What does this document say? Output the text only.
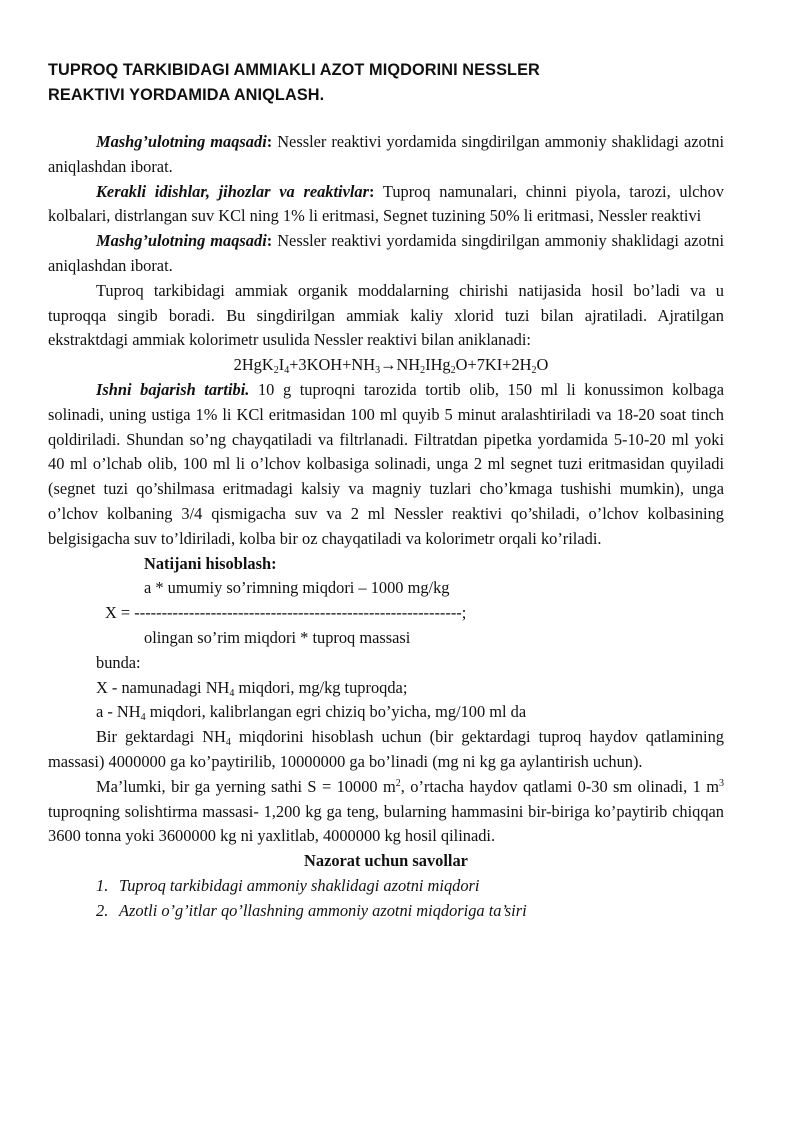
TUPROQ TARKIBIDAGI AMMIAKLI AZOT MIQDORINI NESSLER
REAKTIVI YORDAMIDA ANIQLASH.

Mashg’ulotning maqsadi: Nessler reaktivi yordamida singdirilgan ammoniy shaklidagi azotni aniqlashdan iborat.

Kerakli idishlar, jihozlar va reaktivlar: Tuproq namunalari, chinni piyola, tarozi, ulchov kolbalari, distrlangan suv KCl ning 1% li eritmasi, Segnet tuzining 50% li eritmasi, Nessler reaktivi

Mashg’ulotning maqsadi: Nessler reaktivi yordamida singdirilgan ammoniy shaklidagi azotni aniqlashdan iborat.

Tuproq tarkibidagi ammiak organik moddalarning chirishi natijasida hosil bo’ladi va u tuproqqa singib boradi. Bu singdirilgan ammiak kaliy xlorid tuzi bilan ajratiladi. Ajratilgan ekstraktdagi ammiak kolorimetr usulida Nessler reaktivi bilan aniklanadi:

$2HgK_2I_4+3KOH+NH_3\to NH_2IHg_2O+7KI+2H_2O$

Ishni bajarish tartibi. 10 g tuproqni tarozida tortib olib, 150 ml li konussimon kolbaga solinadi, uning ustiga 1% li KCl eritmasidan 100 ml quyib 5 minut aralashtiriladi va 18-20 soat tinch qoldiriladi. Shundan so’ng chayqatiladi va filtrlanadi. Filtratdan pipetka yordamida 5-10-20 ml yoki 40 ml o’lchab olib, 100 ml li o’lchov kolbasiga solinadi, unga 2 ml segnet tuzi eritmasidan quyiladi (segnet tuzi qo’shilmasa eritmadagi kalsiy va magniy tuzlari cho’kmaga tushishi mumkin), unga o’lchov kolbaning 3/4 qismigacha suv va 2 ml Nessler reaktivi qo’shiladi, o’lchov kolbasining belgisigacha suv to’ldiriladi, kolba bir oz chayqatiladi va kolorimetr orqali ko’riladi.

Natijani hisoblash:

a * umumiy so’rimning miqdori – 1000 mg/kg

X = ------------------------------------------------------------;

olingan so’rim miqdori * tuproq massasi

bunda:

X - namunadagi $NH_4$ miqdori, mg/kg tuproqda;

a - $NH_4$ miqdori, kalibrlangan egri chiziq bo’yicha, mg/100 ml da

Bir gektardagi $NH_4$ miqdorini hisoblash uchun (bir gektardagi tuproq haydov qatlamining massasi) 4000000 ga ko’paytirilib, 10000000 ga bo’linadi (mg ni kg ga aylantirish uchun).

Ma’lumki, bir ga yerning sathi S = 10000 $m^2$, o’rtacha haydov qatlami 0-30 sm olinadi, 1 $m^3$ tuproqning solishtirma massasi- 1,200 kg ga teng, bularning hammasini bir-biriga ko’paytirib chiqqan 3600 tonna yoki 3600000 kg ni yaxlitlab, 4000000 kg hosil qilinadi.

Nazorat uchun savollar

1. Tuproq tarkibidagi ammoniy shaklidagi azotni miqdori
2. Azotli o’g’itlar qo’llashning ammoniy azotni miqdoriga ta’siri
